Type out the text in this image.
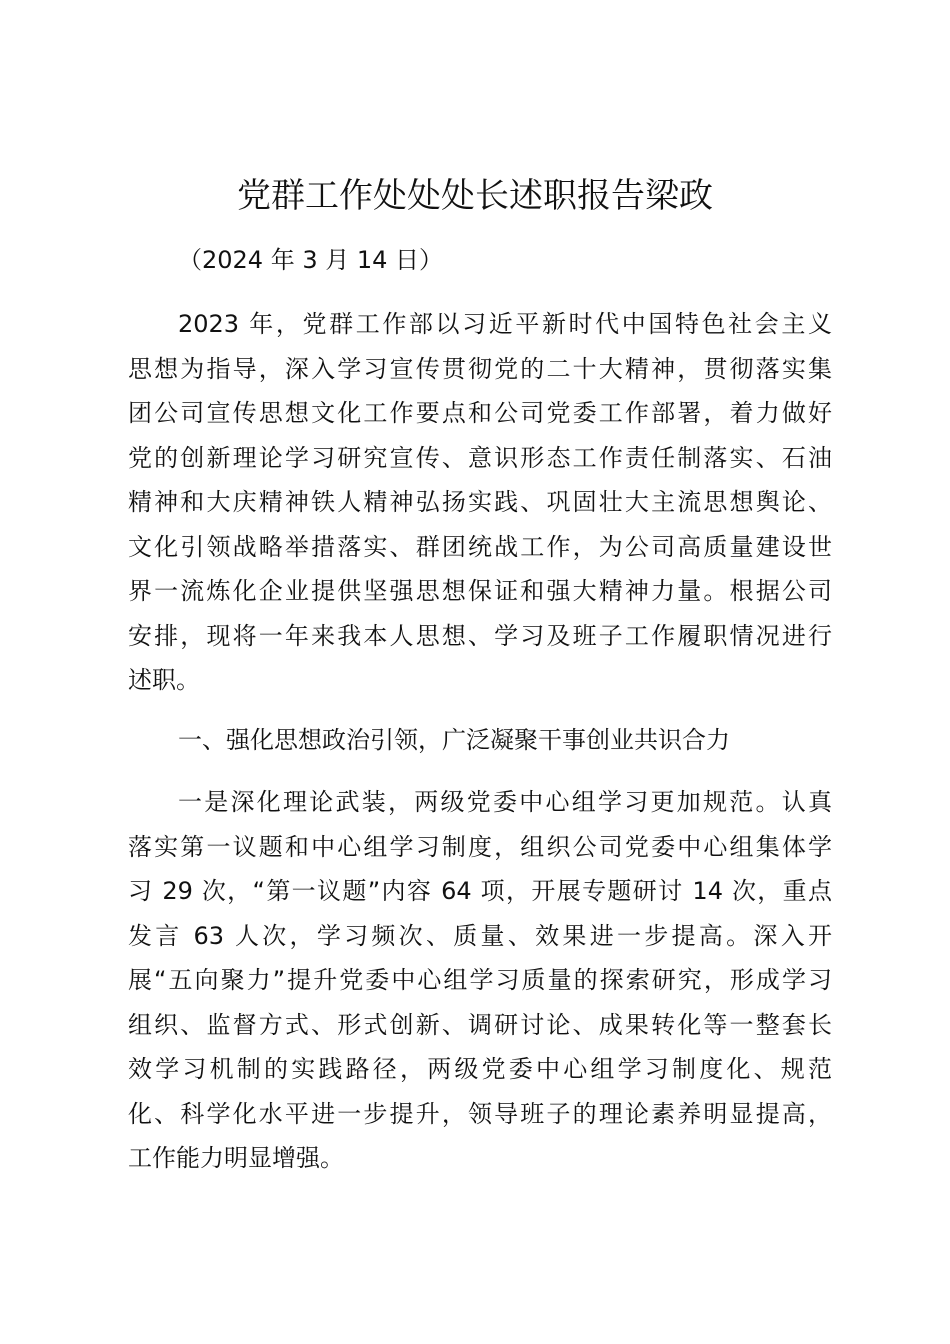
党群工作处处处长述职报告梁政

（2024 年 3 月 14 日）

2023 年，党群工作部以习近平新时代中国特色社会主义
思想为指导，深入学习宣传贯彻党的二十大精神，贯彻落实集
团公司宣传思想文化工作要点和公司党委工作部署，着力做好
党的创新理论学习研究宣传、意识形态工作责任制落实、石油
精神和大庆精神铁人精神弘扬实践、巩固壮大主流思想舆论、
文化引领战略举措落实、群团统战工作，为公司高质量建设世
界一流炼化企业提供坚强思想保证和强大精神力量。根据公司
安排，现将一年来我本人思想、学习及班子工作履职情况进行
述职。
一、强化思想政治引领，广泛凝聚干事创业共识合力
一是深化理论武装，两级党委中心组学习更加规范。认真
落实第一议题和中心组学习制度，组织公司党委中心组集体学
习 29 次，“第一议题”内容 64 项，开展专题研讨 14 次，重点
发言 63 人次，学习频次、质量、效果进一步提高。深入开
展“五向聚力”提升党委中心组学习质量的探索研究，形成学习
组织、监督方式、形式创新、调研讨论、成果转化等一整套长
效学习机制的实践路径，两级党委中心组学习制度化、规范
化、科学化水平进一步提升，领导班子的理论素养明显提高，
工作能力明显增强。
